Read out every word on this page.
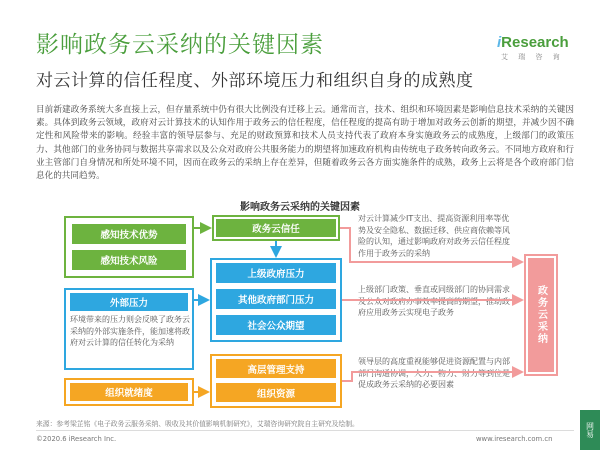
影响政务云采纳的关键因素	iResearch
艾 瑞 咨 询
对云计算的信任程度、外部环境压力和组织自身的成熟度
目前新建政务系统大多直接上云，但存量系统中仍有很大比例没有迁移上云。通常而言，技术、组织和环境因素是影响信息技术采纳的关键因素。具体到政务云领域，政府对云计算技术的认知作用于政务云的信任程度，信任程度的提高有助于增加对政务云创新的期望，并减少因不确定性和风险带来的影响。经验丰富的领导层参与、充足的财政预算和技术人员支持代表了政府本身实施政务云的成熟度，上级部门的政策压力、其他部门的业务协同与数据共享需求以及公众对政府公共服务能力的期望将加速政府机构由传统电子政务转向政务云。不同地方政府和行业主管部门自身情况和所处环境不同，因而在政务云的采纳上存在差异，但随着政务云各方面实施条件的成熟，政务上云将是各个政府部门信息化的共同趋势。
影响政务云采纳的关键因素
感知技术优势
感知技术风险
政务云信任
外部压力
环境带来的压力则会反映了政务云采纳的外部实施条件，能加速将政府对云计算的信任转化为采纳
上级政府压力
其他政府部门压力
社会公众期望
组织就绪度
高层管理支持
组织资源
对云计算减少IT支出、提高资源利用率等优势及安全隐私、数据迁移、供应商依赖等风险的认知，通过影响政府对政务云信任程度作用于政务云的采纳
上级部门政策、垂直或同级部门的协同需求及公众对政府办事效率提高的期望，推动政府应用政务云实现电子政务
领导层的高度重视能够促进资源配置与内部部门沟通协调，人力、物力、财力等到位是促成政务云采纳的必要因素
政务云采纳
来源：参考梁芷铭《电子政务云服务采纳、吸收及其价值影响机制研究》，艾瑞咨询研究院自主研究及绘制。
©2020.6 iResearch Inc.	www.iresearch.com.cn
网易
